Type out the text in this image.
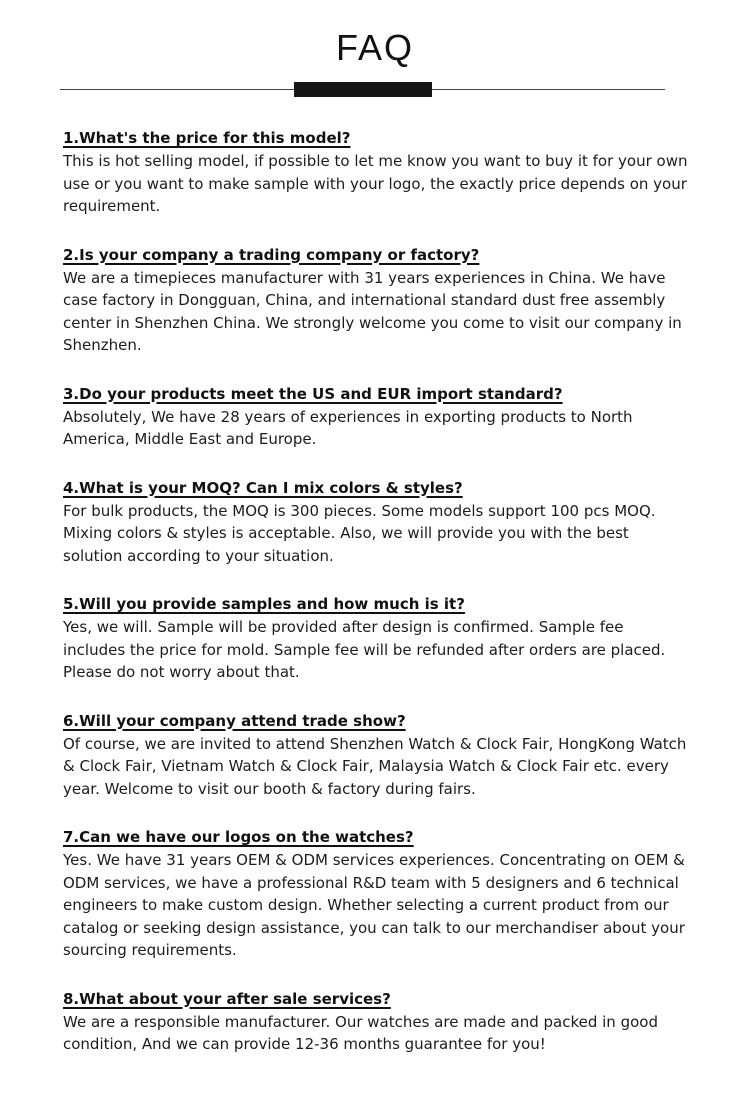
FAQ
1.What's the price for this model?
This is hot selling model, if possible to let me know you want to buy it for your own use or you want to make sample with your logo, the exactly price depends on your requirement.
2.Is your company a trading company or factory?
We are a timepieces manufacturer with 31 years experiences in China. We have case factory in Dongguan, China, and international standard dust free assembly center in Shenzhen China. We strongly welcome you come to visit our company in Shenzhen.
3.Do your products meet the US and EUR import standard?
Absolutely, We have 28 years of experiences in exporting products to North America, Middle East and Europe.
4.What is your MOQ? Can I mix colors & styles?
For bulk products, the MOQ is 300 pieces. Some models support 100 pcs MOQ. Mixing colors & styles is acceptable. Also, we will provide you with the best solution according to your situation.
5.Will you provide samples and how much is it?
Yes, we will. Sample will be provided after design is confirmed. Sample fee includes the price for mold. Sample fee will be refunded after orders are placed. Please do not worry about that.
6.Will your company attend trade show?
Of course, we are invited to attend Shenzhen Watch & Clock Fair, HongKong Watch & Clock Fair, Vietnam Watch & Clock Fair, Malaysia Watch & Clock Fair etc. every year. Welcome to visit our booth & factory during fairs.
7.Can we have our logos on the watches?
Yes. We have 31 years OEM & ODM services experiences. Concentrating on OEM & ODM services, we have a professional R&D team with 5 designers and 6 technical engineers to make custom design. Whether selecting a current product from our catalog or seeking design assistance, you can talk to our merchandiser about your sourcing requirements.
8.What about your after sale services?
We are a responsible manufacturer. Our watches are made and packed in good condition, And we can provide 12-36 months guarantee for you!
